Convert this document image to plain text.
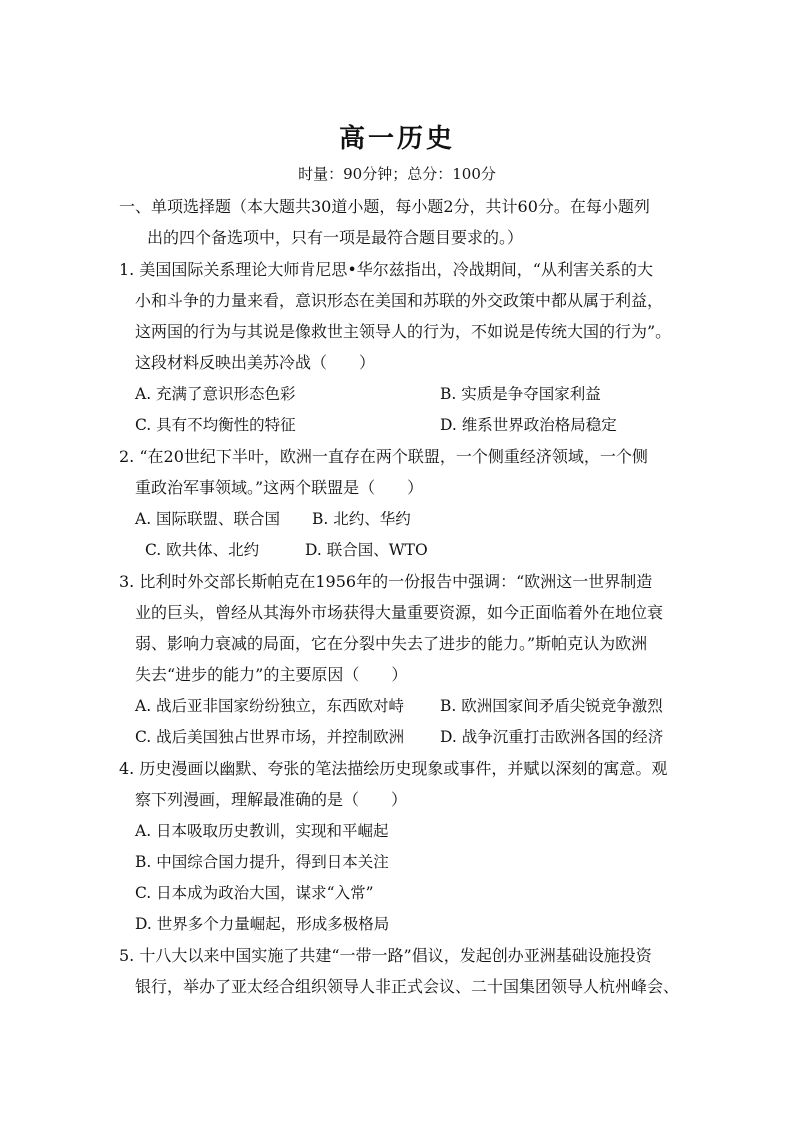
高一历史
时量：90分钟；总分：100分
一、单项选择题（本大题共30道小题，每小题2分，共计60分。在每小题列
出的四个备选项中，只有一项是最符合题目要求的。）
1. 美国国际关系理论大师肯尼思•华尔兹指出，冷战期间，“从利害关系的大
小和斗争的力量来看，意识形态在美国和苏联的外交政策中都从属于利益，
这两国的行为与其说是像救世主领导人的行为，不如说是传统大国的行为”。
这段材料反映出美苏冷战（　　）
A. 充满了意识形态色彩	B. 实质是争夺国家利益
C. 具有不均衡性的特征	D. 维系世界政治格局稳定
2. “在20世纪下半叶，欧洲一直存在两个联盟，一个侧重经济领域，一个侧
重政治军事领域。”这两个联盟是（　　）
A. 国际联盟、联合国 B. 北约、华约
C. 欧共体、北约	D. 联合国、WTO
3. 比利时外交部长斯帕克在1956年的一份报告中强调：“欧洲这一世界制造
业的巨头，曾经从其海外市场获得大量重要资源，如今正面临着外在地位衰
弱、影响力衰减的局面，它在分裂中失去了进步的能力。”斯帕克认为欧洲
失去“进步的能力”的主要原因（　　）
A. 战后亚非国家纷纷独立，东西欧对峙 B. 欧洲国家间矛盾尖锐竞争激烈
C. 战后美国独占世界市场，并控制欧洲 D. 战争沉重打击欧洲各国的经济
4. 历史漫画以幽默、夸张的笔法描绘历史现象或事件，并赋以深刻的寓意。观
察下列漫画，理解最准确的是（　　）
A. 日本吸取历史教训，实现和平崛起
B. 中国综合国力提升，得到日本关注
C. 日本成为政治大国，谋求“入常”
D. 世界多个力量崛起，形成多极格局
5. 十八大以来中国实施了共建“一带一路”倡议，发起创办亚洲基础设施投资
银行，举办了亚太经合组织领导人非正式会议、二十国集团领导人杭州峰会、
